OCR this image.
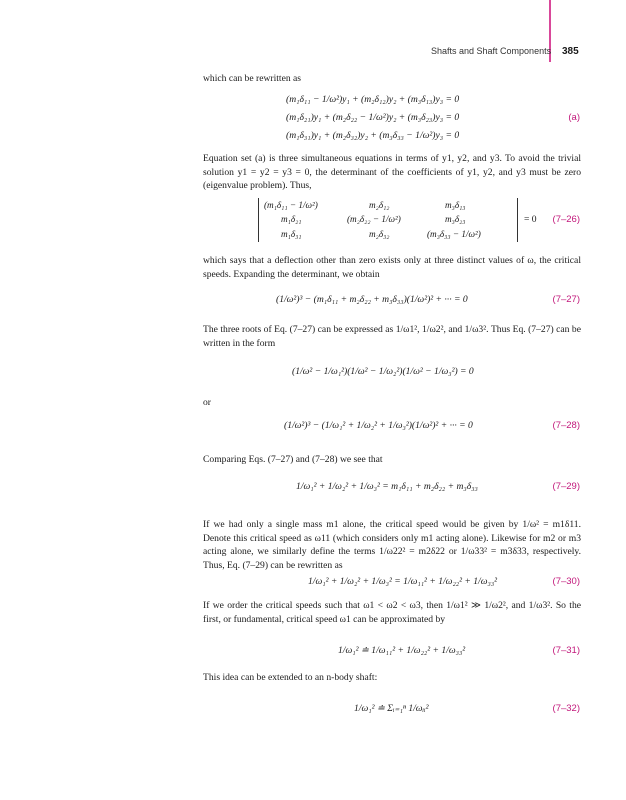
Shafts and Shaft Components 385
which can be rewritten as
(m₁δ₁₁ − 1/ω²)y₁ + (m₂δ₁₂)y₂ + (m₃δ₁₃)y₃ = 0
(m₁δ₂₁)y₁ + (m₂δ₂₂ − 1/ω²)y₂ + (m₃δ₂₃)y₃ = 0	(a)
(m₁δ₃₁)y₁ + (m₂δ₃₂)y₂ + (m₃δ₃₃ − 1/ω²)y₃ = 0
Equation set (a) is three simultaneous equations in terms of y1, y2, and y3. To avoid the trivial solution y1 = y2 = y3 = 0, the determinant of the coefficients of y1, y2, and y3 must be zero (eigenvalue problem). Thus,
(m₁δ₁₁ − 1/ω²)	m₂δ₁₂	m₃δ₁₃
m₁δ₂₁	(m₂δ₂₂ − 1/ω²)	m₃δ₂₃
m₁δ₃₁	m₂δ₃₂	(m₃δ₃₃ − 1/ω²)
= 0 (7–26)
which says that a deflection other than zero exists only at three distinct values of ω, the critical speeds. Expanding the determinant, we obtain
(1/ω²)³ − (m₁δ₁₁ + m₂δ₂₂ + m₃δ₃₃)(1/ω²)² + ··· = 0	(7–27)
The three roots of Eq. (7–27) can be expressed as 1/ω1², 1/ω2², and 1/ω3². Thus Eq. (7–27) can be written in the form
(1/ω² − 1/ω₁²)(1/ω² − 1/ω₂²)(1/ω² − 1/ω₃²) = 0
or
(1/ω²)³ − (1/ω₁² + 1/ω₂² + 1/ω₃²)(1/ω²)² + ··· = 0	(7–28)
Comparing Eqs. (7–27) and (7–28) we see that
1/ω₁² + 1/ω₂² + 1/ω₃² = m₁δ₁₁ + m₂δ₂₂ + m₃δ₃₃	(7–29)
If we had only a single mass m1 alone, the critical speed would be given by 1/ω² = m1δ11. Denote this critical speed as ω11 (which considers only m1 acting alone). Likewise for m2 or m3 acting alone, we similarly define the terms 1/ω22² = m2δ22 or 1/ω33² = m3δ33, respectively. Thus, Eq. (7–29) can be rewritten as
1/ω₁² + 1/ω₂² + 1/ω₃² = 1/ω₁₁² + 1/ω₂₂² + 1/ω₃₃²	(7–30)
If we order the critical speeds such that ω1 < ω2 < ω3, then 1/ω1² ≫ 1/ω2², and 1/ω3². So the first, or fundamental, critical speed ω1 can be approximated by
1/ω₁² ≐ 1/ω₁₁² + 1/ω₂₂² + 1/ω₃₃²	(7–31)
This idea can be extended to an n-body shaft:
1/ω₁² ≐ Σᵢ₌₁ⁿ 1/ωᵢᵢ²	(7–32)
